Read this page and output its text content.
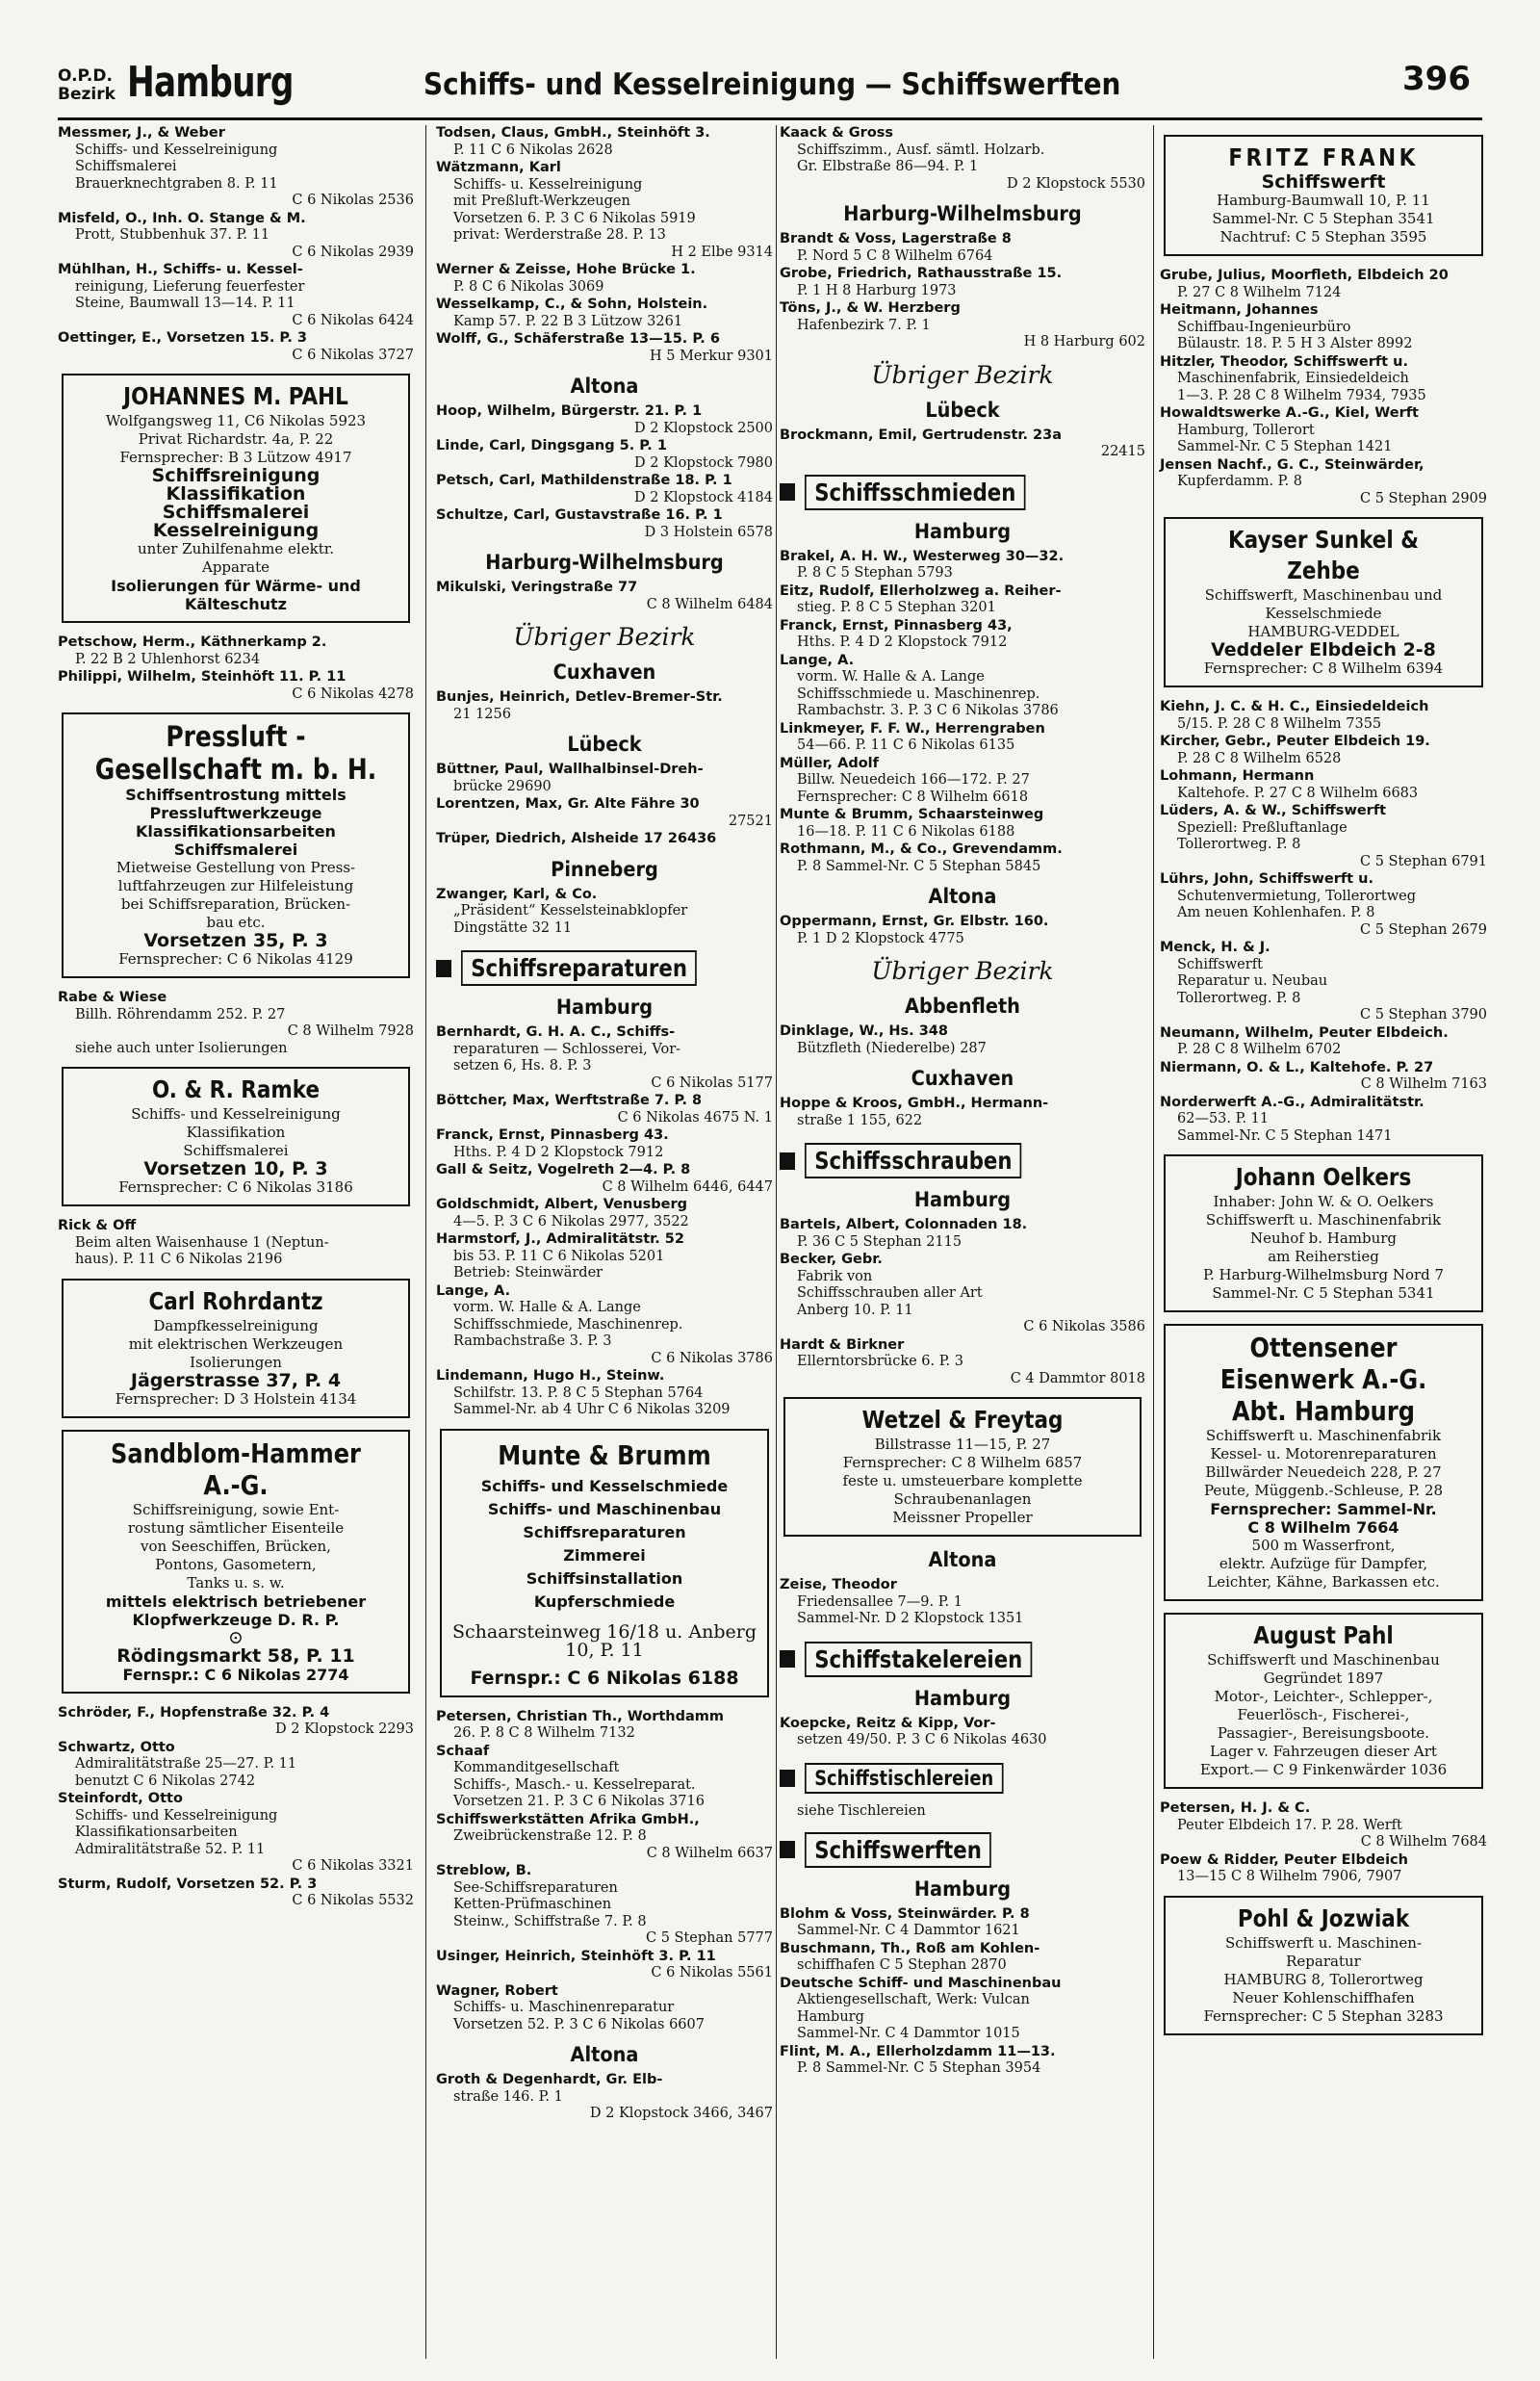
O.P.D.
Bezirk Hamburg	Schiffs- und Kesselreinigung — Schiffswerften	396
Messmer, J., & Weber
Schiffs- und Kesselreinigung
Schiffsmalerei
Brauerknechtgraben 8. P. 11
C 6 Nikolas 2536
Misfeld, O., Inh. O. Stange & M.
Prott, Stubbenhuk 37. P. 11
C 6 Nikolas 2939
Mühlhan, H., Schiffs- u. Kessel-
reinigung, Lieferung feuerfester
Steine, Baumwall 13—14. P. 11
C 6 Nikolas 6424
Oettinger, E., Vorsetzen 15. P. 3
C 6 Nikolas 3727
JOHANNES M. PAHL
Wolfgangsweg 11, C6 Nikolas 5923
Privat Richardstr. 4a, P. 22
Fernsprecher: B 3 Lützow 4917
Schiffsreinigung
Klassifikation
Schiffsmalerei
Kesselreinigung
unter Zuhilfenahme elektr.
Apparate
Isolierungen für Wärme- und
Kälteschutz
Petschow, Herm., Käthnerkamp 2.
P. 22 B 2 Uhlenhorst 6234
Philippi, Wilhelm, Steinhöft 11. P. 11
C 6 Nikolas 4278
Pressluft - Gesellschaft m. b. H.
Schiffsentrostung mittels
Pressluftwerkzeuge
Klassifikationsarbeiten
Schiffsmalerei
Mietweise Gestellung von Press-
luftfahrzeugen zur Hilfeleistung
bei Schiffsreparation, Brücken-
bau etc.
Vorsetzen 35, P. 3
Fernsprecher: C 6 Nikolas 4129
Rabe & Wiese
Billh. Röhrendamm 252. P. 27
C 8 Wilhelm 7928
siehe auch unter Isolierungen
O. & R. Ramke
Schiffs- und Kesselreinigung
Klassifikation
Schiffsmalerei
Vorsetzen 10, P. 3
Fernsprecher: C 6 Nikolas 3186
Rick & Off
Beim alten Waisenhause 1 (Neptun-
haus). P. 11 C 6 Nikolas 2196
Carl Rohrdantz
Dampfkesselreinigung
mit elektrischen Werkzeugen
Isolierungen
Jägerstrasse 37, P. 4
Fernsprecher: D 3 Holstein 4134
Sandblom-Hammer A.-G.
Schiffsreinigung, sowie Ent-
rostung sämtlicher Eisenteile
von Seeschiffen, Brücken,
Pontons, Gasometern,
Tanks u. s. w.
mittels elektrisch betriebener
Klopfwerkzeuge D. R. P.
⊙
Rödingsmarkt 58, P. 11
Fernspr.: C 6 Nikolas 2774
Schröder, F., Hopfenstraße 32. P. 4
D 2 Klopstock 2293
Schwartz, Otto
Admiralitätstraße 25—27. P. 11
benutzt C 6 Nikolas 2742
Steinfordt, Otto
Schiffs- und Kesselreinigung
Klassifikationsarbeiten
Admiralitätstraße 52. P. 11
C 6 Nikolas 3321
Sturm, Rudolf, Vorsetzen 52. P. 3
C 6 Nikolas 5532
Todsen, Claus, GmbH., Steinhöft 3.
P. 11 C 6 Nikolas 2628
Wätzmann, Karl
Schiffs- u. Kesselreinigung
mit Preßluft-Werkzeugen
Vorsetzen 6. P. 3 C 6 Nikolas 5919
privat: Werderstraße 28. P. 13
H 2 Elbe 9314
Werner & Zeisse, Hohe Brücke 1.
P. 8 C 6 Nikolas 3069
Wesselkamp, C., & Sohn, Holstein.
Kamp 57. P. 22 B 3 Lützow 3261
Wolff, G., Schäferstraße 13—15. P. 6
H 5 Merkur 9301
Altona
Hoop, Wilhelm, Bürgerstr. 21. P. 1
D 2 Klopstock 2500
Linde, Carl, Dingsgang 5. P. 1
D 2 Klopstock 7980
Petsch, Carl, Mathildenstraße 18. P. 1
D 2 Klopstock 4184
Schultze, Carl, Gustavstraße 16. P. 1
D 3 Holstein 6578
Harburg-Wilhelmsburg
Mikulski, Veringstraße 77
C 8 Wilhelm 6484
Übriger Bezirk
Cuxhaven
Bunjes, Heinrich, Detlev-Bremer-Str.
21 1256
Lübeck
Büttner, Paul, Wallhalbinsel-Dreh-
brücke 29690
Lorentzen, Max, Gr. Alte Fähre 30
27521
Trüper, Diedrich, Alsheide 17 26436
Pinneberg
Zwanger, Karl, & Co.
„Präsident“ Kesselsteinabklopfer
Dingstätte 32 11
Schiffsreparaturen
Hamburg
Bernhardt, G. H. A. C., Schiffs-
reparaturen — Schlosserei, Vor-
setzen 6, Hs. 8. P. 3
C 6 Nikolas 5177
Böttcher, Max, Werftstraße 7. P. 8
C 6 Nikolas 4675 N. 1
Franck, Ernst, Pinnasberg 43.
Hths. P. 4 D 2 Klopstock 7912
Gall & Seitz, Vogelreth 2—4. P. 8
C 8 Wilhelm 6446, 6447
Goldschmidt, Albert, Venusberg
4—5. P. 3 C 6 Nikolas 2977, 3522
Harmstorf, J., Admiralitätstr. 52
bis 53. P. 11 C 6 Nikolas 5201
Betrieb: Steinwärder
Lange, A.
vorm. W. Halle & A. Lange
Schiffsschmiede, Maschinenrep.
Rambachstraße 3. P. 3
C 6 Nikolas 3786
Lindemann, Hugo H., Steinw.
Schilfstr. 13. P. 8 C 5 Stephan 5764
Sammel-Nr. ab 4 Uhr C 6 Nikolas 3209
Munte & Brumm
Schiffs- und Kesselschmiede
Schiffs- und Maschinenbau
Schiffsreparaturen
Zimmerei
Schiffsinstallation
Kupferschmiede
Schaarsteinweg 16/18 u. Anberg 10, P. 11
Fernspr.: C 6 Nikolas 6188
Petersen, Christian Th., Worthdamm
26. P. 8 C 8 Wilhelm 7132
Schaaf
Kommanditgesellschaft
Schiffs-, Masch.- u. Kesselreparat.
Vorsetzen 21. P. 3 C 6 Nikolas 3716
Schiffswerkstätten Afrika GmbH.,
Zweibrückenstraße 12. P. 8
C 8 Wilhelm 6637
Streblow, B.
See-Schiffsreparaturen
Ketten-Prüfmaschinen
Steinw., Schiffstraße 7. P. 8
C 5 Stephan 5777
Usinger, Heinrich, Steinhöft 3. P. 11
C 6 Nikolas 5561
Wagner, Robert
Schiffs- u. Maschinenreparatur
Vorsetzen 52. P. 3 C 6 Nikolas 6607
Altona
Groth & Degenhardt, Gr. Elb-
straße 146. P. 1
D 2 Klopstock 3466, 3467
Kaack & Gross
Schiffszimm., Ausf. sämtl. Holzarb.
Gr. Elbstraße 86—94. P. 1
D 2 Klopstock 5530
Harburg-Wilhelmsburg
Brandt & Voss, Lagerstraße 8
P. Nord 5 C 8 Wilhelm 6764
Grobe, Friedrich, Rathausstraße 15.
P. 1 H 8 Harburg 1973
Töns, J., & W. Herzberg
Hafenbezirk 7. P. 1
H 8 Harburg 602
Übriger Bezirk
Lübeck
Brockmann, Emil, Gertrudenstr. 23a
22415
Schiffsschmieden
Hamburg
Brakel, A. H. W., Westerweg 30—32.
P. 8 C 5 Stephan 5793
Eitz, Rudolf, Ellerholzweg a. Reiher-
stieg. P. 8 C 5 Stephan 3201
Franck, Ernst, Pinnasberg 43,
Hths. P. 4 D 2 Klopstock 7912
Lange, A.
vorm. W. Halle & A. Lange
Schiffsschmiede u. Maschinenrep.
Rambachstr. 3. P. 3 C 6 Nikolas 3786
Linkmeyer, F. F. W., Herrengraben
54—66. P. 11 C 6 Nikolas 6135
Müller, Adolf
Billw. Neuedeich 166—172. P. 27
Fernsprecher: C 8 Wilhelm 6618
Munte & Brumm, Schaarsteinweg
16—18. P. 11 C 6 Nikolas 6188
Rothmann, M., & Co., Grevendamm.
P. 8 Sammel-Nr. C 5 Stephan 5845
Altona
Oppermann, Ernst, Gr. Elbstr. 160.
P. 1 D 2 Klopstock 4775
Übriger Bezirk
Abbenfleth
Dinklage, W., Hs. 348
Bützfleth (Niederelbe) 287
Cuxhaven
Hoppe & Kroos, GmbH., Hermann-
straße 1 155, 622
Schiffsschrauben
Hamburg
Bartels, Albert, Colonnaden 18.
P. 36 C 5 Stephan 2115
Becker, Gebr.
Fabrik von
Schiffsschrauben aller Art
Anberg 10. P. 11
C 6 Nikolas 3586
Hardt & Birkner
Ellerntorsbrücke 6. P. 3
C 4 Dammtor 8018
Wetzel & Freytag
Billstrasse 11—15, P. 27
Fernsprecher: C 8 Wilhelm 6857
feste u. umsteuerbare komplette
Schraubenanlagen
Meissner Propeller
Altona
Zeise, Theodor
Friedensallee 7—9. P. 1
Sammel-Nr. D 2 Klopstock 1351
Schiffstakelereien
Hamburg
Koepcke, Reitz & Kipp, Vor-
setzen 49/50. P. 3 C 6 Nikolas 4630
Schiffstischlereien
siehe Tischlereien
Schiffswerften
Hamburg
Blohm & Voss, Steinwärder. P. 8
Sammel-Nr. C 4 Dammtor 1621
Buschmann, Th., Roß am Kohlen-
schiffhafen C 5 Stephan 2870
Deutsche Schiff- und Maschinenbau
Aktiengesellschaft, Werk: Vulcan
Hamburg
Sammel-Nr. C 4 Dammtor 1015
Flint, M. A., Ellerholzdamm 11—13.
P. 8 Sammel-Nr. C 5 Stephan 3954
FRITZ FRANK
Schiffswerft
Hamburg-Baumwall 10, P. 11
Sammel-Nr. C 5 Stephan 3541
Nachtruf: C 5 Stephan 3595
Grube, Julius, Moorfleth, Elbdeich 20
P. 27 C 8 Wilhelm 7124
Heitmann, Johannes
Schiffbau-Ingenieurbüro
Bülaustr. 18. P. 5 H 3 Alster 8992
Hitzler, Theodor, Schiffswerft u.
Maschinenfabrik, Einsiedeldeich
1—3. P. 28 C 8 Wilhelm 7934, 7935
Howaldtswerke A.-G., Kiel, Werft
Hamburg, Tollerort
Sammel-Nr. C 5 Stephan 1421
Jensen Nachf., G. C., Steinwärder,
Kupferdamm. P. 8
C 5 Stephan 2909
Kayser Sunkel & Zehbe
Schiffswerft, Maschinenbau und
Kesselschmiede
HAMBURG-VEDDEL
Veddeler Elbdeich 2-8
Fernsprecher: C 8 Wilhelm 6394
Kiehn, J. C. & H. C., Einsiedeldeich
5/15. P. 28 C 8 Wilhelm 7355
Kircher, Gebr., Peuter Elbdeich 19.
P. 28 C 8 Wilhelm 6528
Lohmann, Hermann
Kaltehofe. P. 27 C 8 Wilhelm 6683
Lüders, A. & W., Schiffswerft
Speziell: Preßluftanlage
Tollerortweg. P. 8
C 5 Stephan 6791
Lührs, John, Schiffswerft u.
Schutenvermietung, Tollerortweg
Am neuen Kohlenhafen. P. 8
C 5 Stephan 2679
Menck, H. & J.
Schiffswerft
Reparatur u. Neubau
Tollerortweg. P. 8
C 5 Stephan 3790
Neumann, Wilhelm, Peuter Elbdeich.
P. 28 C 8 Wilhelm 6702
Niermann, O. & L., Kaltehofe. P. 27
C 8 Wilhelm 7163
Norderwerft A.-G., Admiralitätstr.
62—53. P. 11
Sammel-Nr. C 5 Stephan 1471
Johann Oelkers
Inhaber: John W. & O. Oelkers
Schiffswerft u. Maschinenfabrik
Neuhof b. Hamburg
am Reiherstieg
P. Harburg-Wilhelmsburg Nord 7
Sammel-Nr. C 5 Stephan 5341
Ottensener Eisenwerk A.-G. Abt. Hamburg
Schiffswerft u. Maschinenfabrik
Kessel- u. Motorenreparaturen
Billwärder Neuedeich 228, P. 27
Peute, Müggenb.-Schleuse, P. 28
Fernsprecher: Sammel-Nr.
C 8 Wilhelm 7664
500 m Wasserfront,
elektr. Aufzüge für Dampfer,
Leichter, Kähne, Barkassen etc.
August Pahl
Schiffswerft und Maschinenbau
Gegründet 1897
Motor-, Leichter-, Schlepper-,
Feuerlösch-, Fischerei-,
Passagier-, Bereisungsboote.
Lager v. Fahrzeugen dieser Art
Export.— C 9 Finkenwärder 1036
Petersen, H. J. & C.
Peuter Elbdeich 17. P. 28. Werft
C 8 Wilhelm 7684
Poew & Ridder, Peuter Elbdeich
13—15 C 8 Wilhelm 7906, 7907
Pohl & Jozwiak
Schiffswerft u. Maschinen-
Reparatur
HAMBURG 8, Tollerortweg
Neuer Kohlenschiffhafen
Fernsprecher: C 5 Stephan 3283
